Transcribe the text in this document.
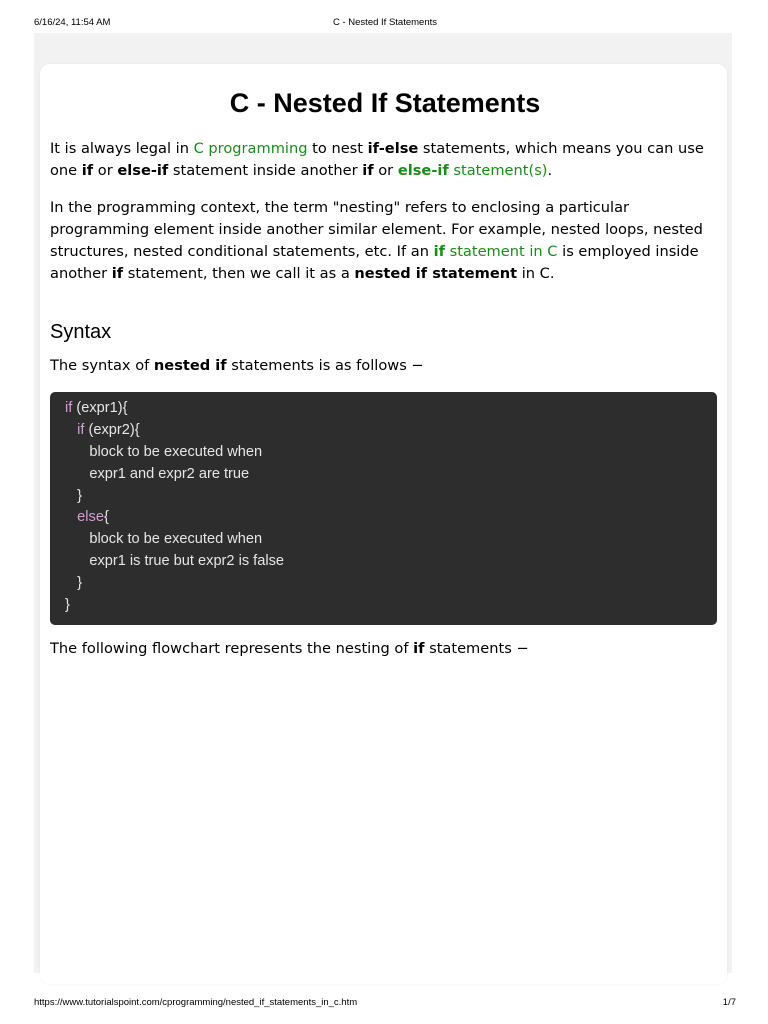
6/16/24, 11:54 AM	C - Nested If Statements
C - Nested If Statements

It is always legal in C programming to nest if-else statements, which means you can use one if or else-if statement inside another if or else-if statement(s).

In the programming context, the term "nesting" refers to enclosing a particular programming element inside another similar element. For example, nested loops, nested structures, nested conditional statements, etc. If an if statement in C is employed inside another if statement, then we call it as a nested if statement in C.

Syntax

The syntax of nested if statements is as follows −

if (expr1){
if (expr2){
block to be executed when
expr1 and expr2 are true
}
else{
block to be executed when
expr1 is true but expr2 is false
}
}

The following flowchart represents the nesting of if statements −

https://www.tutorialspoint.com/cprogramming/nested_if_statements_in_c.htm	1/7
